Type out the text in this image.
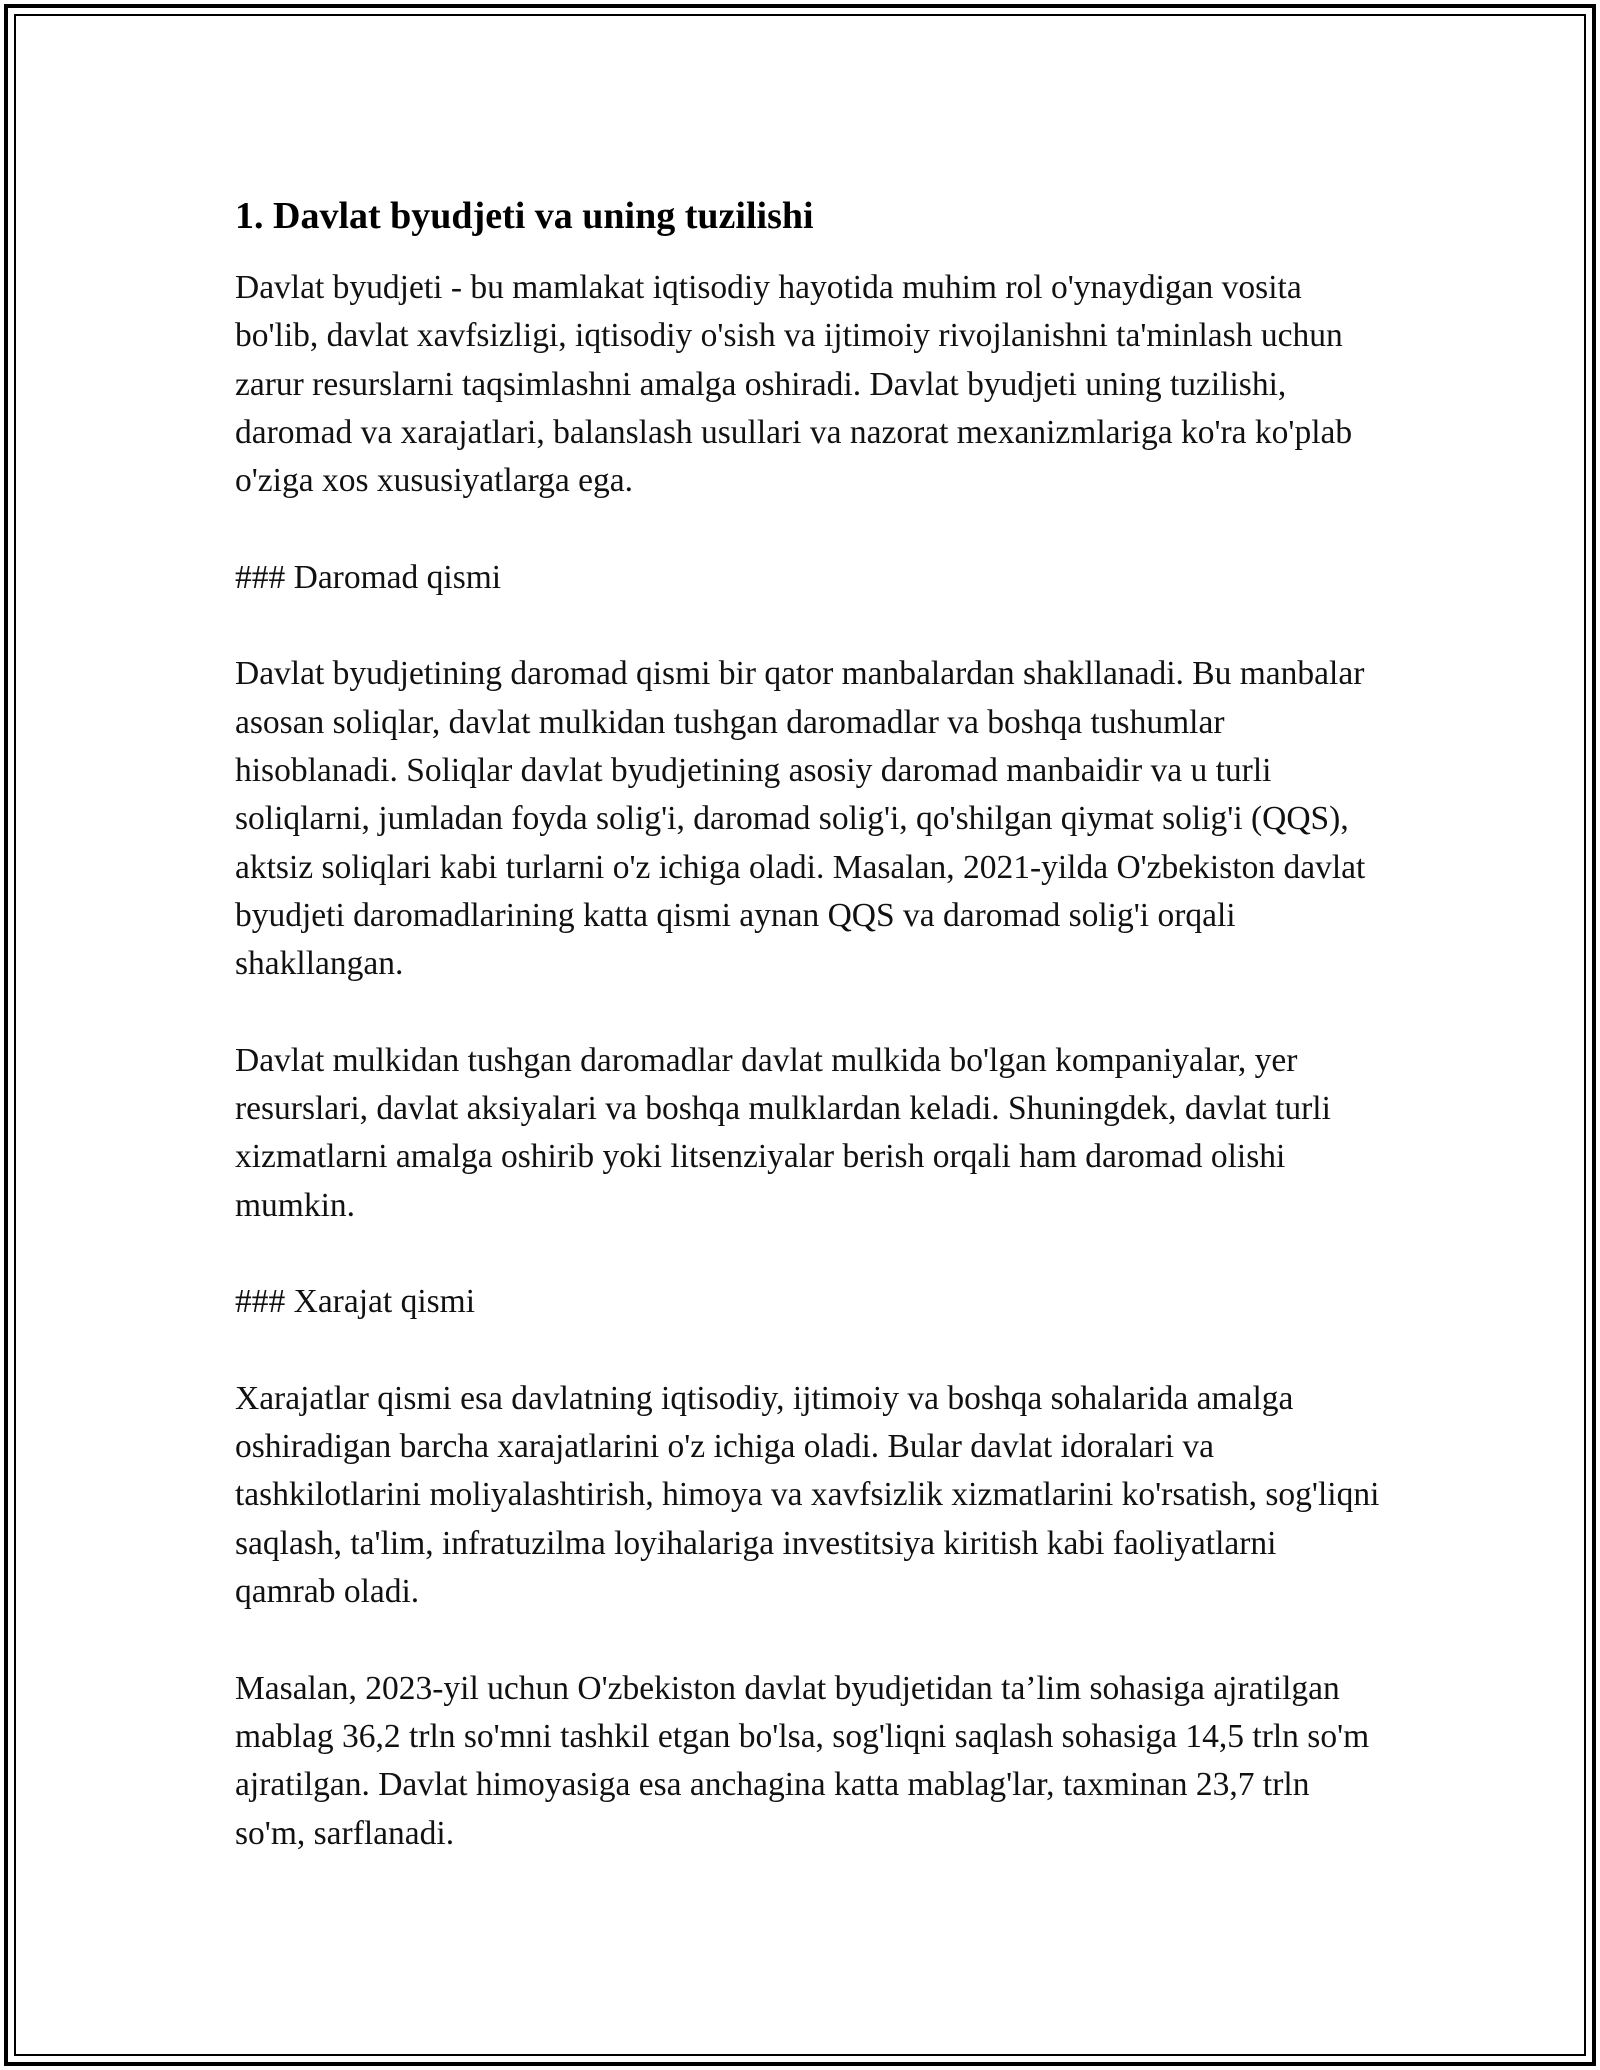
1. Davlat byudjeti va uning tuzilishi

Davlat byudjeti - bu mamlakat iqtisodiy hayotida muhim rol o'ynaydigan vosita bo'lib, davlat xavfsizligi, iqtisodiy o'sish va ijtimoiy rivojlanishni ta'minlash uchun zarur resurslarni taqsimlashni amalga oshiradi. Davlat byudjeti uning tuzilishi, daromad va xarajatlari, balanslash usullari va nazorat mexanizmlariga ko'ra ko'plab o'ziga xos xususiyatlarga ega.

### Daromad qismi

Davlat byudjetining daromad qismi bir qator manbalardan shakllanadi. Bu manbalar asosan soliqlar, davlat mulkidan tushgan daromadlar va boshqa tushumlar hisoblanadi. Soliqlar davlat byudjetining asosiy daromad manbaidir va u turli soliqlarni, jumladan foyda solig'i, daromad solig'i, qo'shilgan qiymat solig'i (QQS), aktsiz soliqlari kabi turlarni o'z ichiga oladi. Masalan, 2021-yilda O'zbekiston davlat byudjeti daromadlarining katta qismi aynan QQS va daromad solig'i orqali shakllangan.

Davlat mulkidan tushgan daromadlar davlat mulkida bo'lgan kompaniyalar, yer resurslari, davlat aksiyalari va boshqa mulklardan keladi. Shuningdek, davlat turli xizmatlarni amalga oshirib yoki litsenziyalar berish orqali ham daromad olishi mumkin.

### Xarajat qismi

Xarajatlar qismi esa davlatning iqtisodiy, ijtimoiy va boshqa sohalarida amalga oshiradigan barcha xarajatlarini o'z ichiga oladi. Bular davlat idoralari va tashkilotlarini moliyalashtirish, himoya va xavfsizlik xizmatlarini ko'rsatish, sog'liqni saqlash, ta'lim, infratuzilma loyihalariga investitsiya kiritish kabi faoliyatlarni qamrab oladi.

Masalan, 2023-yil uchun O'zbekiston davlat byudjetidan ta’lim sohasiga ajratilgan mablag 36,2 trln so'mni tashkil etgan bo'lsa, sog'liqni saqlash sohasiga 14,5 trln so'm ajratilgan. Davlat himoyasiga esa anchagina katta mablag'lar, taxminan 23,7 trln so'm, sarflanadi.
